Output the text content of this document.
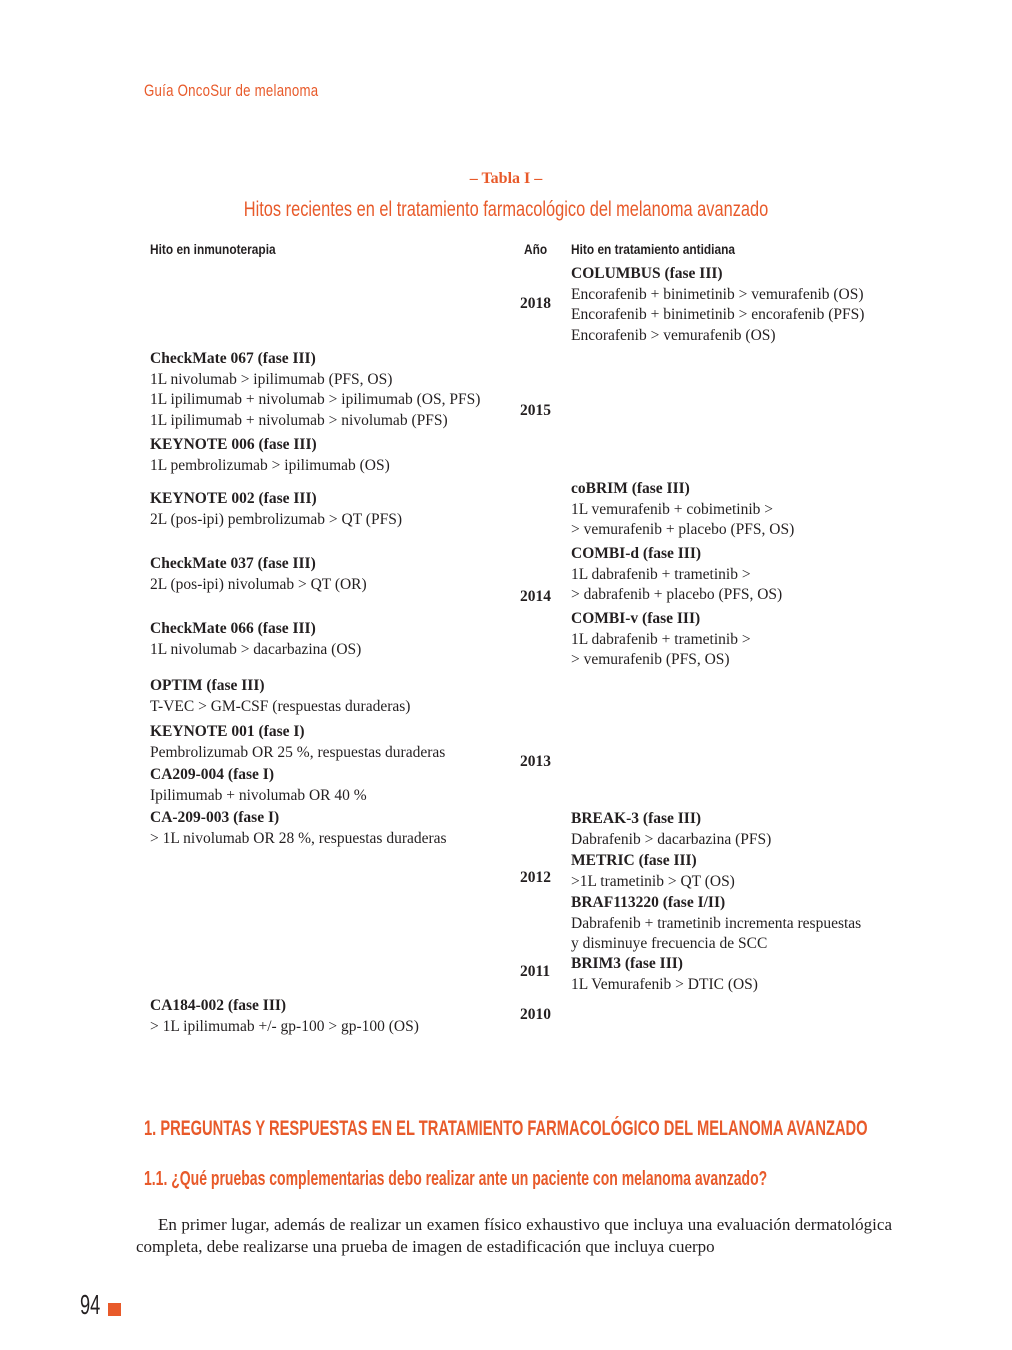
Guía OncoSur de melanoma
– Tabla I –
Hitos recientes en el tratamiento farmacológico del melanoma avanzado
Hito en inmunoterapia	Año Hito en tratamiento antidiana
2018
2015
2014
2013
2012
2011
2010
CheckMate 067 (fase III)
1L nivolumab > ipilimumab (PFS, OS)
1L ipilimumab + nivolumab > ipilimumab (OS, PFS)
1L ipilimumab + nivolumab > nivolumab (PFS)
KEYNOTE 006 (fase III)
1L pembrolizumab > ipilimumab (OS)
KEYNOTE 002 (fase III)
2L (pos-ipi) pembrolizumab > QT (PFS)
CheckMate 037 (fase III)
2L (pos-ipi) nivolumab > QT (OR)
CheckMate 066 (fase III)
1L nivolumab > dacarbazina (OS)
OPTIM (fase III)
T-VEC > GM-CSF (respuestas duraderas)
KEYNOTE 001 (fase I)
Pembrolizumab OR 25 %, respuestas duraderas
CA209-004 (fase I)
Ipilimumab + nivolumab OR 40 %
CA-209-003 (fase I)
> 1L nivolumab OR 28 %, respuestas duraderas
CA184-002 (fase III)
> 1L ipilimumab +/- gp-100 > gp-100 (OS)
COLUMBUS (fase III)
Encorafenib + binimetinib > vemurafenib (OS)
Encorafenib + binimetinib > encorafenib (PFS)
Encorafenib > vemurafenib (OS)
coBRIM (fase III)
1L vemurafenib + cobimetinib >
> vemurafenib + placebo (PFS, OS)
COMBI-d (fase III)
1L dabrafenib + trametinib >
> dabrafenib + placebo (PFS, OS)
COMBI-v (fase III)
1L dabrafenib + trametinib >
> vemurafenib (PFS, OS)
BREAK-3 (fase III)
Dabrafenib > dacarbazina (PFS)
METRIC (fase III)
>1L trametinib > QT (OS)
BRAF113220 (fase I/II)
Dabrafenib + trametinib incrementa respuestas
y disminuye frecuencia de SCC
BRIM3 (fase III)
1L Vemurafenib > DTIC (OS)
1. PREGUNTAS Y RESPUESTAS EN EL TRATAMIENTO FARMACOLÓGICO DEL MELANOMA AVANZADO
1.1. ¿Qué pruebas complementarias debo realizar ante un paciente con melanoma avanzado?
En primer lugar, además de realizar un examen físico exhaustivo que incluya una evaluación dermatológica completa, debe realizarse una prueba de imagen de estadificación que incluya cuerpo
94
